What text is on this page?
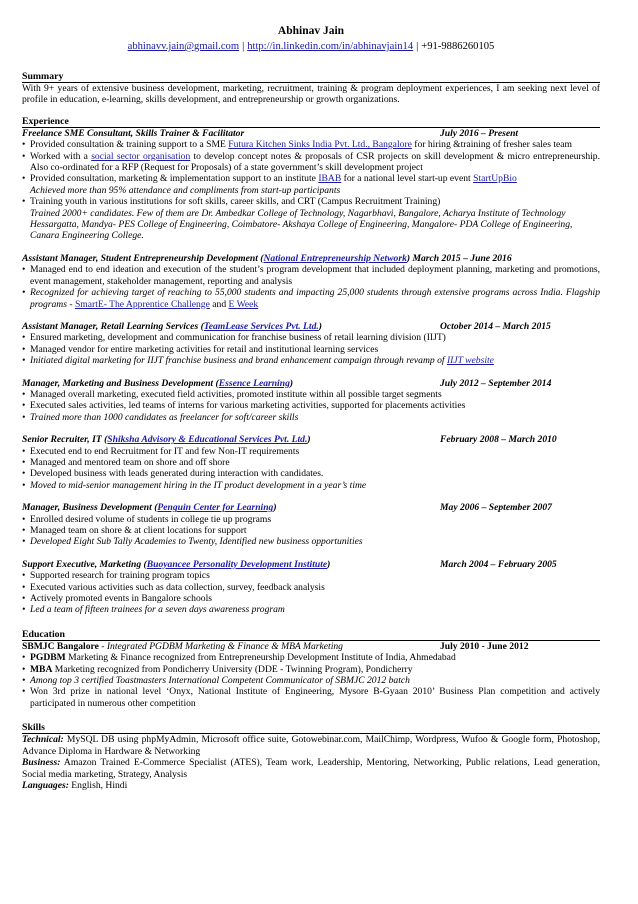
Abhinav Jain
abhinavv.jain@gmail.com | http://in.linkedin.com/in/abhinavjain14 | +91-9886260105
Summary
With 9+ years of extensive business development, marketing, recruitment, training & program deployment experiences, I am seeking next level of profile in education, e-learning, skills development, and entrepreneurship or growth organizations.
Experience
Freelance SME Consultant, Skills Trainer & Facilitator	July 2016 – Present
• Provided consultation & training support to a SME Futura Kitchen Sinks India Pvt. Ltd., Bangalore for hiring &training of fresher sales team
• Worked with a social sector organisation to develop concept notes & proposals of CSR projects on skill development & micro entrepreneurship. Also co-ordinated for a RFP (Request for Proposals) of a state government’s skill development project
• Provided consultation, marketing & implementation support to an institute IBAB for a national level start-up event StartUpBio
Achieved more than 95% attendance and compliments from start-up participants
• Training youth in various institutions for soft skills, career skills, and CRT (Campus Recruitment Training)
Trained 2000+ candidates. Few of them are Dr. Ambedkar College of Technology, Nagarbhavi, Bangalore, Acharya Institute of Technology Hessargatta, Mandya- PES College of Engineering, Coimbatore- Akshaya College of Engineering, Mangalore- PDA College of Engineering, Canara Engineering College.
Assistant Manager, Student Entrepreneurship Development (National Entrepreneurship Network) March 2015 – June 2016
• Managed end to end ideation and execution of the student’s program development that included deployment planning, marketing and promotions, event management, stakeholder management, reporting and analysis
• Recognized for achieving target of reaching to 55,000 students and impacting 25,000 students through extensive programs across India. Flagship programs - SmartE- The Apprentice Challenge and E Week
Assistant Manager, Retail Learning Services (TeamLease Services Pvt. Ltd.)	October 2014 – March 2015
• Ensured marketing, development and communication for franchise business of retail learning division (IIJT)
• Managed vendor for entire marketing activities for retail and institutional learning services
• Initiated digital marketing for IIJT franchise business and brand enhancement campaign through revamp of IIJT website
Manager, Marketing and Business Development (Essence Learning)	July 2012 – September 2014
• Managed overall marketing, executed field activities, promoted institute within all possible target segments
• Executed sales activities, led teams of interns for various marketing activities, supported for placements activities
• Trained more than 1000 candidates as freelancer for soft/career skills
Senior Recruiter, IT (Shiksha Advisory & Educational Services Pvt. Ltd.)	February 2008 – March 2010
• Executed end to end Recruitment for IT and few Non-IT requirements
• Managed and mentored team on shore and off shore
• Developed business with leads generated during interaction with candidates.
• Moved to mid-senior management hiring in the IT product development in a year’s time
Manager, Business Development (Penguin Center for Learning)	May 2006 – September 2007
• Enrolled desired volume of students in college tie up programs
• Managed team on shore & at client locations for support
• Developed Eight Sub Tally Academies to Twenty, Identified new business opportunities
Support Executive, Marketing (Buoyancee Personality Development Institute)	March 2004 – February 2005
• Supported research for training program topics
• Executed various activities such as data collection, survey, feedback analysis
• Actively promoted events in Bangalore schools
• Led a team of fifteen trainees for a seven days awareness program
Education
SBMJC Bangalore - Integrated PGDBM Marketing & Finance & MBA Marketing	July 2010 - June 2012
• PGDBM Marketing & Finance recognized from Entrepreneurship Development Institute of India, Ahmedabad
• MBA Marketing recognized from Pondicherry University (DDE - Twinning Program), Pondicherry
• Among top 3 certified Toastmasters International Competent Communicator of SBMJC 2012 batch
• Won 3rd prize in national level ‘Onyx, National Institute of Engineering, Mysore B-Gyaan 2010’ Business Plan competition and actively participated in numerous other competition
Skills
Technical: MySQL DB using phpMyAdmin, Microsoft office suite, Gotowebinar.com, MailChimp, Wordpress, Wufoo & Google form, Photoshop, Advance Diploma in Hardware & Networking
Business: Amazon Trained E-Commerce Specialist (ATES), Team work, Leadership, Mentoring, Networking, Public relations, Lead generation, Social media marketing, Strategy, Analysis
Languages: English, Hindi
